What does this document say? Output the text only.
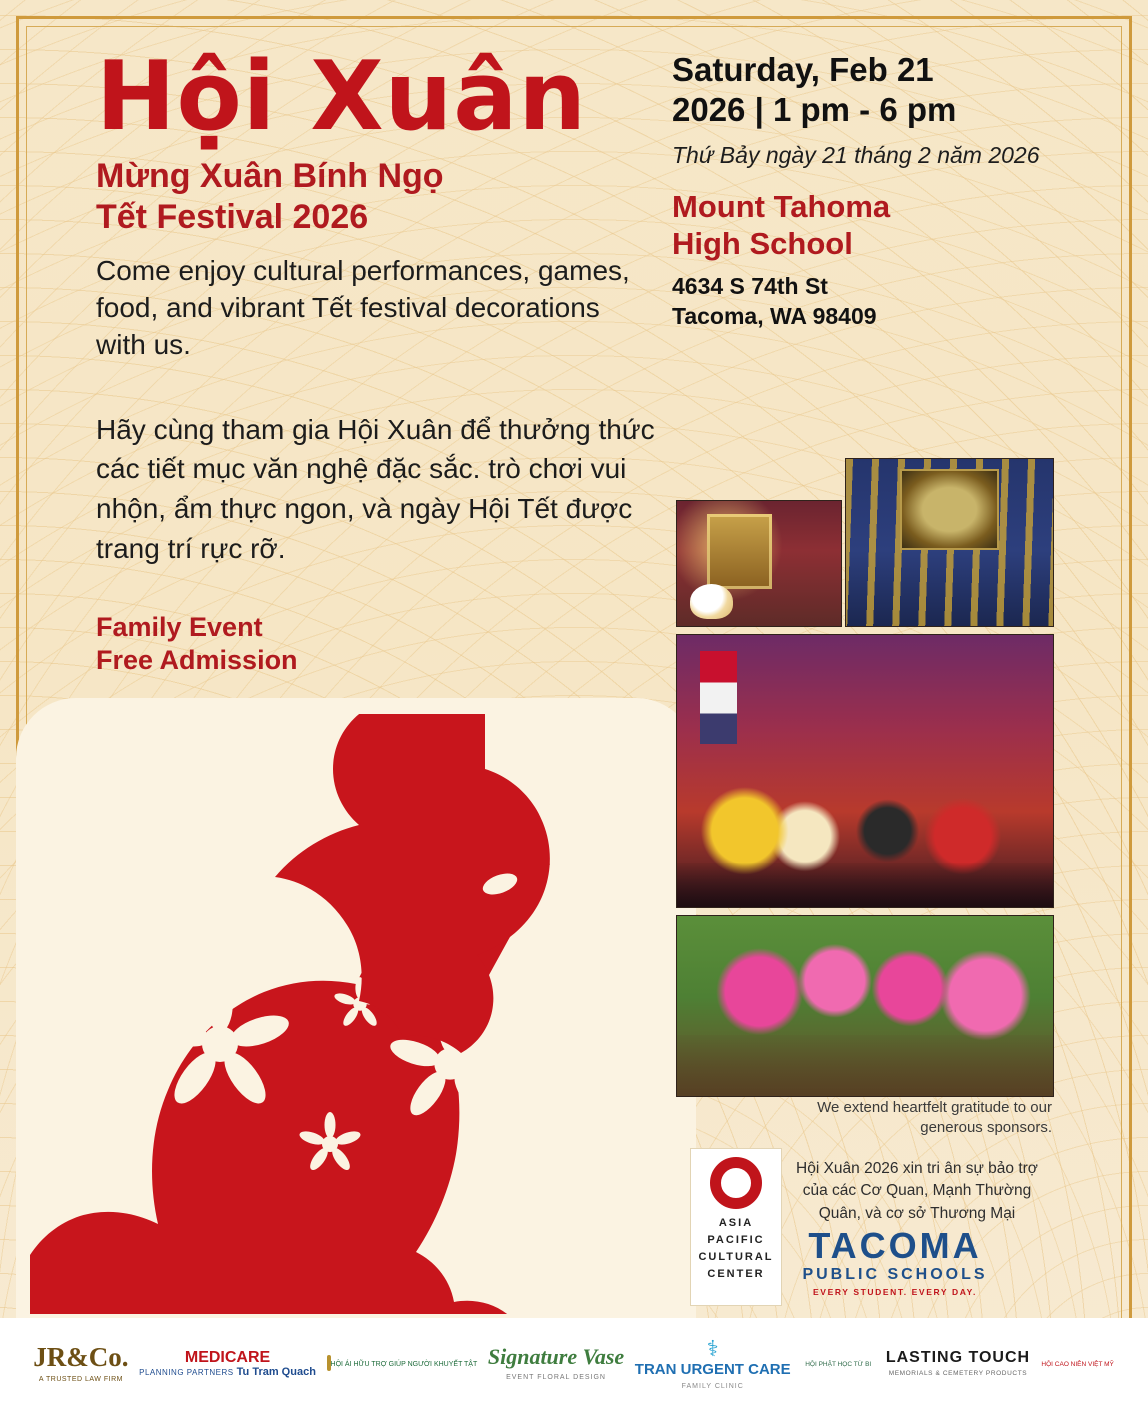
Hội Xuân
Mừng Xuân Bính Ngọ
Tết Festival 2026

Come enjoy cultural performances, games, food, and vibrant Tết festival decorations with us.

Hãy cùng tham gia Hội Xuân để thưởng thức các tiết mục văn nghệ đặc sắc. trò chơi vui nhộn, ẩm thực ngon, và ngày Hội Tết được trang trí rực rỡ.

Family Event
Free Admission
Saturday, Feb 21
2026 | 1 pm - 6 pm
Thứ Bảy ngày 21 tháng 2 năm 2026
Mount Tahoma
High School
4634 S 74th St
Tacoma, WA 98409
We extend heartfelt gratitude to our generous sponsors.
Hội Xuân 2026 xin tri ân sự bảo trợ của các Cơ Quan, Mạnh Thường Quân, và cơ sở Thương Mại
ASIA
PACIFIC
CULTURAL
CENTER
TACOMA
PUBLIC SCHOOLS
EVERY STUDENT. EVERY DAY.
JR&Co.
A TRUSTED LAW FIRM
MEDICARE
PLANNING PARTNERS Tu Tram Quach
HỘI ÁI HỮU TRỢ GIÚP NGƯỜI KHUYẾT TẬT Signature Vase
EVENT FLORAL DESIGN
⚕
TRAN URGENT CARE
FAMILY CLINIC
HỘI PHẬT HỌC TỪ BI LASTING TOUCH
MEMORIALS & CEMETERY PRODUCTS
HỘI CAO NIÊN VIỆT MỸ
